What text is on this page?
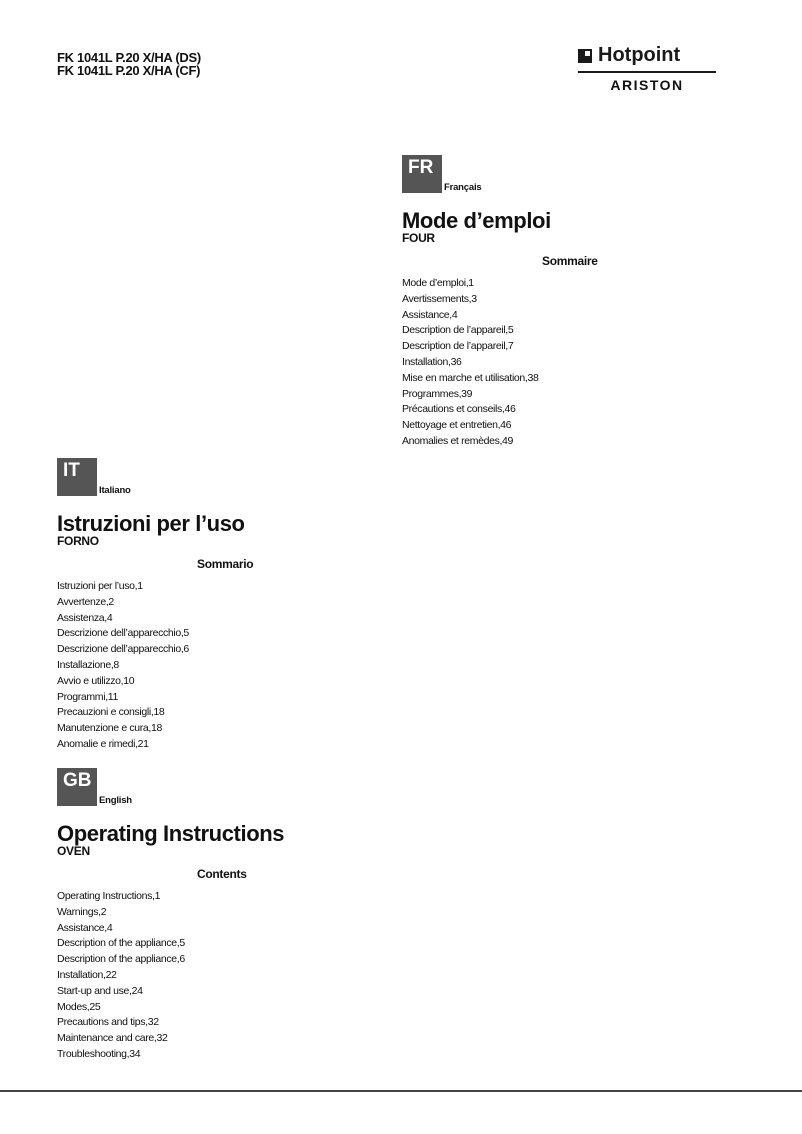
FK 1041L P.20 X/HA (DS)
FK 1041L P.20 X/HA (CF)
Hotpoint
ARISTON
FRFrançais
Mode d’emploi
FOUR
Sommaire
Mode d’emploi,1
Avertissements,3
Assistance,4
Description de l’appareil,5
Description de l’appareil,7
Installation,36
Mise en marche et utilisation,38
Programmes,39
Précautions et conseils,46
Nettoyage et entretien,46
Anomalies et remèdes,49
ITItaliano
Istruzioni per l’uso
FORNO
Sommario
Istruzioni per l’uso,1
Avvertenze,2
Assistenza,4
Descrizione dell’apparecchio,5
Descrizione dell’apparecchio,6
Installazione,8
Avvio e utilizzo,10
Programmi,11
Precauzioni e consigli,18
Manutenzione e cura,18
Anomalie e rimedi,21
GBEnglish
Operating Instructions
OVEN
Contents
Operating Instructions,1
Warnings,2
Assistance,4
Description of the appliance,5
Description of the appliance,6
Installation,22
Start-up and use,24
Modes,25
Precautions and tips,32
Maintenance and care,32
Troubleshooting,34
